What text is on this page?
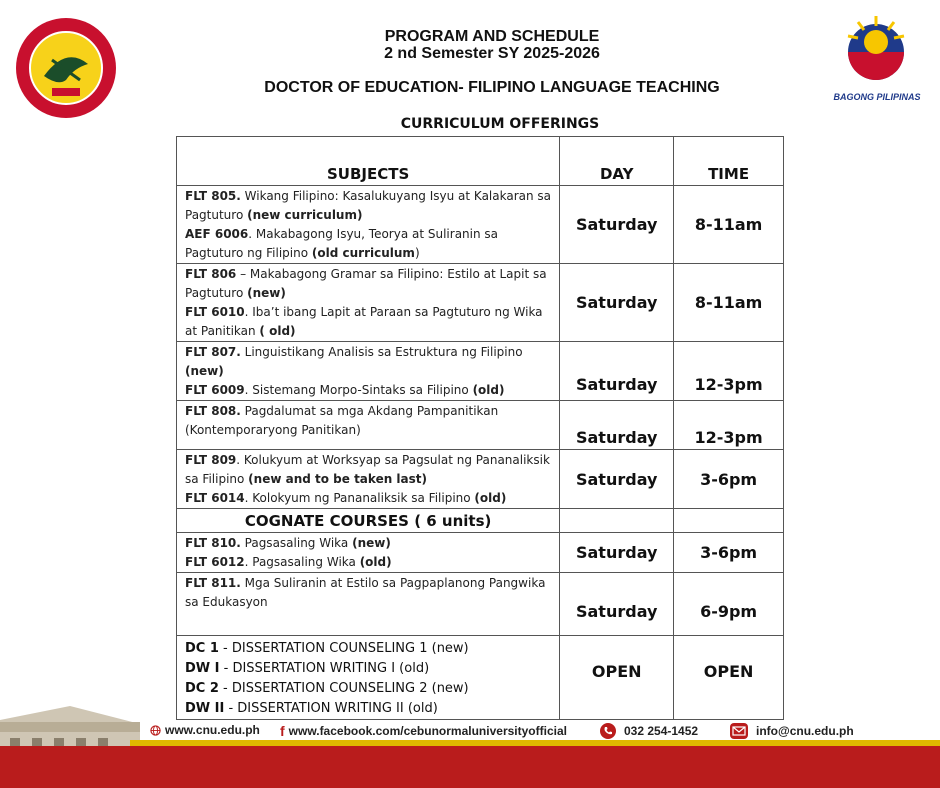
BAGONG PILIPINAS
PROGRAM AND SCHEDULE
2 nd Semester SY 2025-2026
DOCTOR OF EDUCATION- FILIPINO LANGUAGE TEACHING
CURRICULUM OFFERINGS
SUBJECTS	DAY	TIME
FLT 805. Wikang Filipino: Kasalukuyang Isyu at Kalakaran sa Pagtuturo (new curriculum)
AEF 6006. Makabagong Isyu, Teorya at Suliranin sa Pagtuturo ng Filipino (old curriculum)	Saturday	8-11am
FLT 806 – Makabagong Gramar sa Filipino: Estilo at Lapit sa Pagtuturo (new)
FLT 6010. Iba’t ibang Lapit at Paraan sa Pagtuturo ng Wika at Panitikan ( old)	Saturday	8-11am
FLT 807. Linguistikang Analisis sa Estruktura ng Filipino (new)
FLT 6009. Sistemang Morpo-Sintaks sa Filipino (old)	Saturday	12-3pm
FLT 808. Pagdalumat sa mga Akdang Pampanitikan (Kontemporaryong Panitikan)	Saturday	12-3pm
FLT 809. Kolukyum at Worksyap sa Pagsulat ng Pananaliksik sa Filipino (new and to be taken last)
FLT 6014. Kolokyum ng Pananaliksik sa Filipino (old)	Saturday	3-6pm
COGNATE COURSES ( 6 units)		
FLT 810. Pagsasaling Wika (new)
FLT 6012. Pagsasaling Wika (old)	Saturday	3-6pm
FLT 811. Mga Suliranin at Estilo sa Pagpaplanong Pangwika sa Edukasyon	Saturday	6-9pm
DC 1 - DISSERTATION COUNSELING 1 (new)
DW I - DISSERTATION WRITING I (old)
DC 2 - DISSERTATION COUNSELING 2 (new)
DW II - DISSERTATION WRITING II (old)	OPEN	OPEN
www.cnu.edu.ph f www.facebook.com/cebunormaluniversityofficial	032 254-1452	info@cnu.edu.ph
